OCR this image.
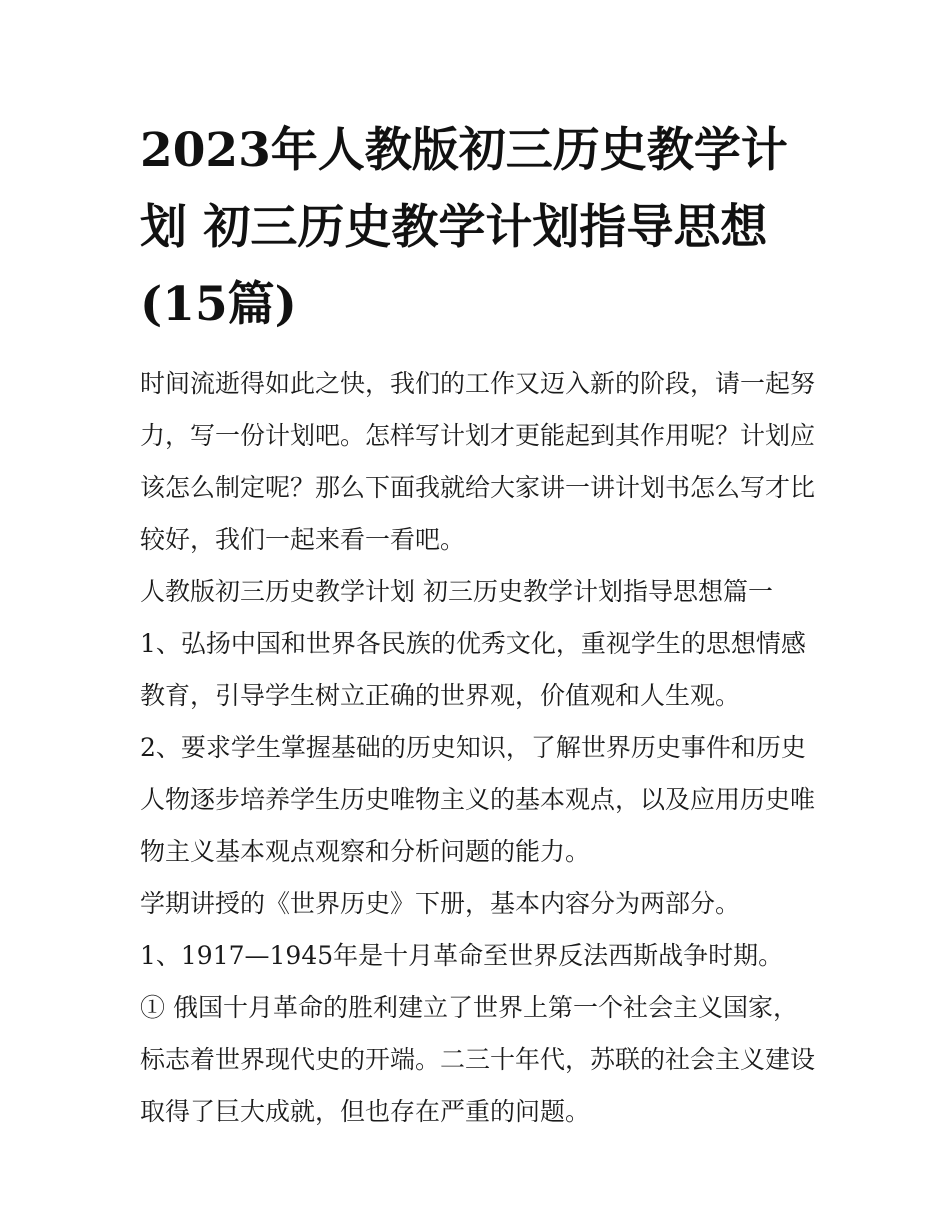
2023年人教版初三历史教学计划 初三历史教学计划指导思想(15篇)

时间流逝得如此之快，我们的工作又迈入新的阶段，请一起努力，写一份计划吧。怎样写计划才更能起到其作用呢？计划应该怎么制定呢？那么下面我就给大家讲一讲计划书怎么写才比较好，我们一起来看一看吧。

人教版初三历史教学计划 初三历史教学计划指导思想篇一 1、弘扬中国和世界各民族的优秀文化，重视学生的思想情感教育，引导学生树立正确的世界观，价值观和人生观。

2、要求学生掌握基础的历史知识，了解世界历史事件和历史人物逐步培养学生历史唯物主义的基本观点，以及应用历史唯物主义基本观点观察和分析问题的能力。

学期讲授的《世界历史》下册，基本内容分为两部分。

1、1917—1945年是十月革命至世界反法西斯战争时期。

① 俄国十月革命的胜利建立了世界上第一个社会主义国家，标志着世界现代史的开端。二三十年代，苏联的社会主义建设取得了巨大成就，但也存在严重的问题。
